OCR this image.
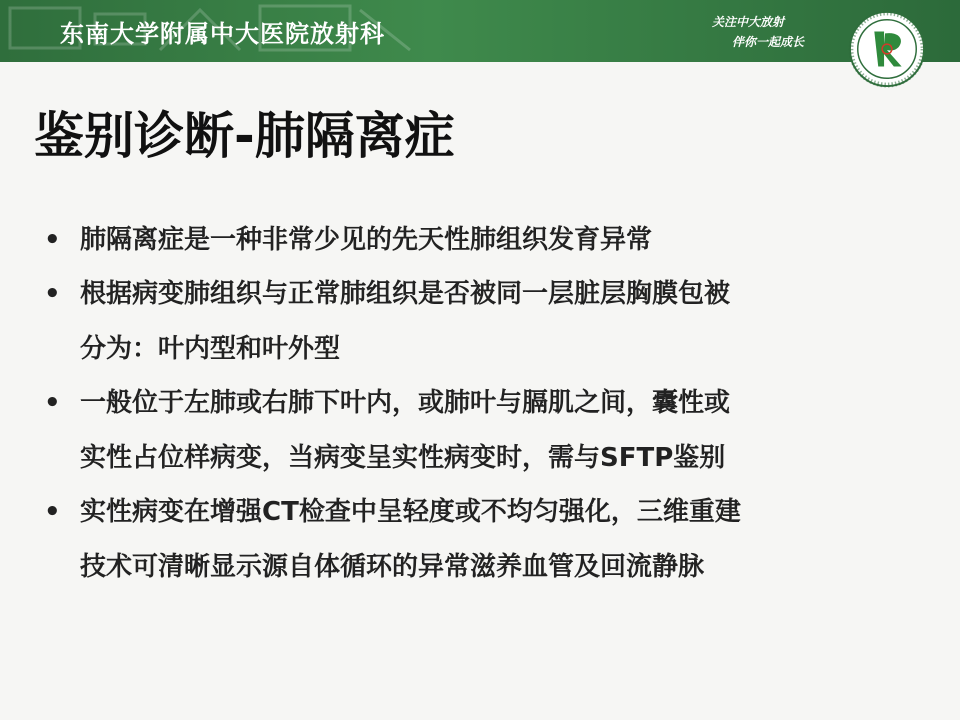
东南大学附属中大医院放射科	关注中大放射
伴你一起成长
鉴别诊断-肺隔离症
• 肺隔离症是一种非常少见的先天性肺组织发育异常
• 根据病变肺组织与正常肺组织是否被同一层脏层胸膜包被
分为：叶内型和叶外型
• 一般位于左肺或右肺下叶内，或肺叶与膈肌之间，囊性或
实性占位样病变，当病变呈实性病变时，需与SFTP鉴别
• 实性病变在增强CT检查中呈轻度或不均匀强化，三维重建
技术可清晰显示源自体循环的异常滋养血管及回流静脉
